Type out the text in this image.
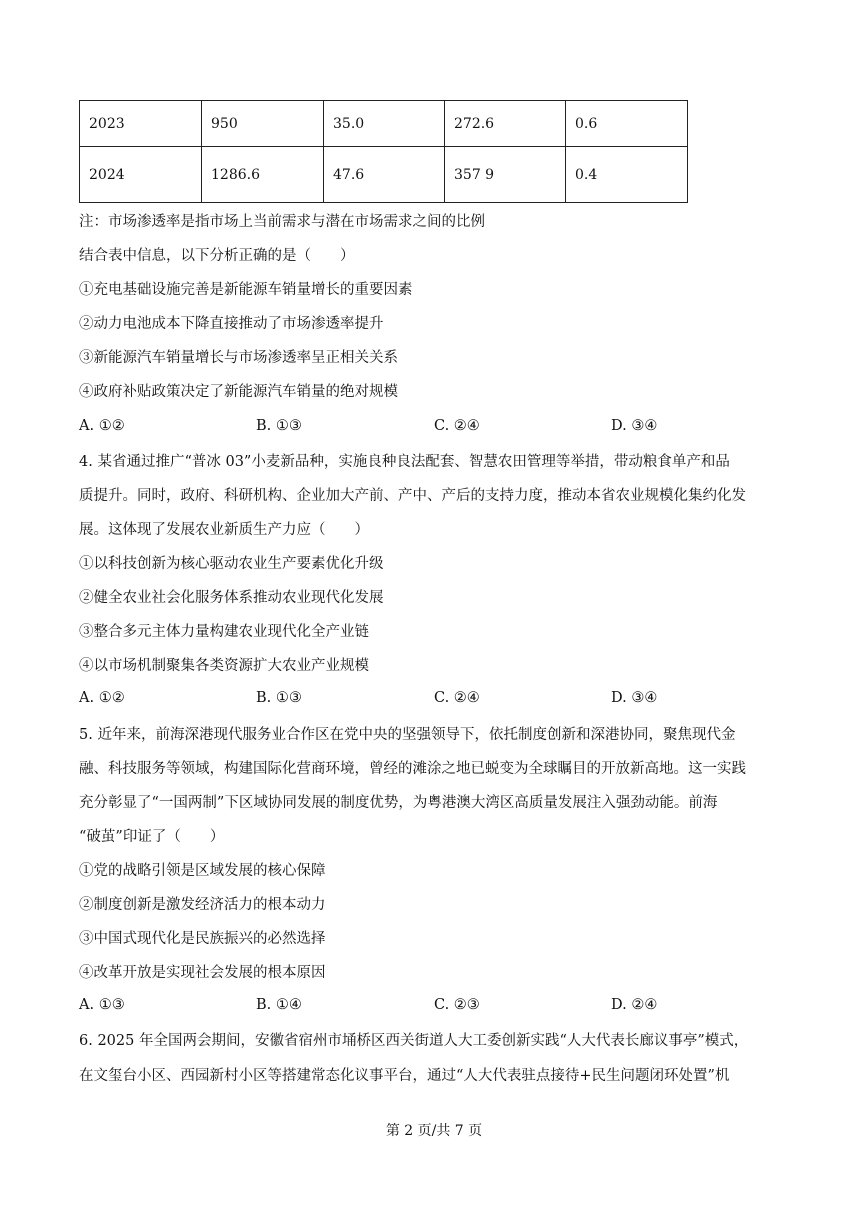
2023	950	35.0	272.6	0.6
2024	1286.6	47.6	357 9	0.4
注：市场渗透率是指市场上当前需求与潜在市场需求之间的比例
结合表中信息，以下分析正确的是（　　）
①充电基础设施完善是新能源车销量增长的重要因素
②动力电池成本下降直接推动了市场渗透率提升
③新能源汽车销量增长与市场渗透率呈正相关关系
④政府补贴政策决定了新能源汽车销量的绝对规模
A. ①②	B. ①③	C. ②④	D. ③④
4. 某省通过推广“普冰 03”小麦新品种，实施良种良法配套、智慧农田管理等举措，带动粮食单产和品
质提升。同时，政府、科研机构、企业加大产前、产中、产后的支持力度，推动本省农业规模化集约化发
展。这体现了发展农业新质生产力应（　　）
①以科技创新为核心驱动农业生产要素优化升级
②健全农业社会化服务体系推动农业现代化发展
③整合多元主体力量构建农业现代化全产业链
④以市场机制聚集各类资源扩大农业产业规模
A. ①②	B. ①③	C. ②④	D. ③④
5. 近年来，前海深港现代服务业合作区在党中央的坚强领导下，依托制度创新和深港协同，聚焦现代金
融、科技服务等领域，构建国际化营商环境，曾经的滩涂之地已蜕变为全球瞩目的开放新高地。这一实践
充分彰显了“一国两制”下区域协同发展的制度优势，为粤港澳大湾区高质量发展注入强劲动能。前海
“破茧”印证了（　　）
①党的战略引领是区域发展的核心保障
②制度创新是激发经济活力的根本动力
③中国式现代化是民族振兴的必然选择
④改革开放是实现社会发展的根本原因
A. ①③	B. ①④	C. ②③	D. ②④
6. 2025 年全国两会期间，安徽省宿州市埇桥区西关街道人大工委创新实践“人大代表长廊议事亭”模式，
在文玺台小区、西园新村小区等搭建常态化议事平台，通过“人大代表驻点接待+民生问题闭环处置”机
第 2 页/共 7 页
